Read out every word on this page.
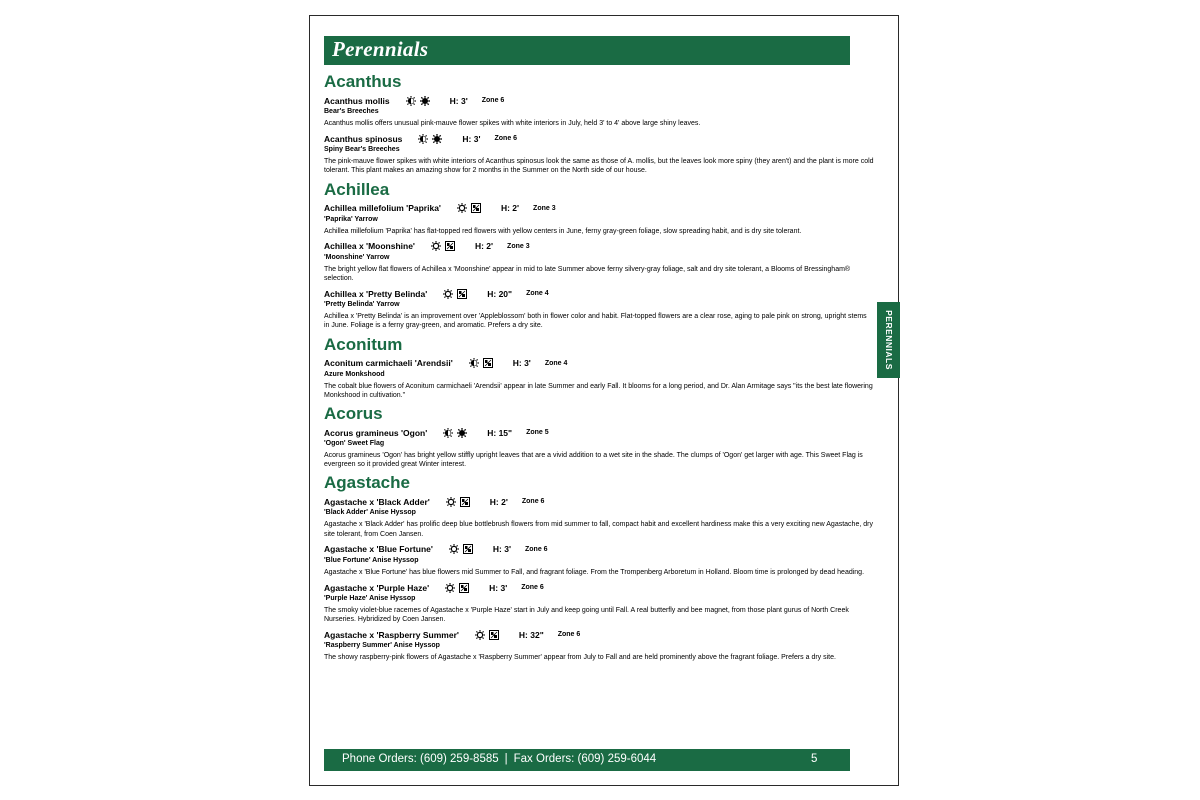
Perennials
Acanthus
Acanthus mollis	H: 3' Zone 6
Bear's Breeches
Acanthus mollis offers unusual pink-mauve flower spikes with white interiors in July, held 3' to 4' above large shiny leaves.
Acanthus spinosus	H: 3' Zone 6
Spiny Bear's Breeches
The pink-mauve flower spikes with white interiors of Acanthus spinosus look the same as those of A. mollis, but the leaves look more spiny (they aren't) and the plant is more cold tolerant. This plant makes an amazing show for 2 months in the Summer on the North side of our house.
Achillea
Achillea millefolium 'Paprika'	H: 2' Zone 3
'Paprika' Yarrow
Achillea millefolium 'Paprika' has flat-topped red flowers with yellow centers in June, ferny gray-green foliage, slow spreading habit, and is dry site tolerant.
Achillea x 'Moonshine'	H: 2' Zone 3
'Moonshine' Yarrow
The bright yellow flat flowers of Achillea x 'Moonshine' appear in mid to late Summer above ferny silvery-gray foliage, salt and dry site tolerant, a Blooms of Bressingham® selection.
Achillea x 'Pretty Belinda'	H: 20" Zone 4
'Pretty Belinda' Yarrow
Achillea x 'Pretty Belinda' is an improvement over 'Appleblossom' both in flower color and habit. Flat-topped flowers are a clear rose, aging to pale pink on strong, upright stems in June. Foliage is a ferny gray-green, and aromatic. Prefers a dry site.
Aconitum
Aconitum carmichaeli 'Arendsii'	H: 3' Zone 4
Azure Monkshood
The cobalt blue flowers of Aconitum carmichaeli 'Arendsii' appear in late Summer and early Fall. It blooms for a long period, and Dr. Alan Armitage says "its the best late flowering Monkshood in cultivation."
Acorus
Acorus gramineus 'Ogon'	H: 15" Zone 5
'Ogon' Sweet Flag
Acorus gramineus 'Ogon' has bright yellow stiffly upright leaves that are a vivid addition to a wet site in the shade. The clumps of 'Ogon' get larger with age. This Sweet Flag is evergreen so it provided great Winter interest.
Agastache
Agastache x 'Black Adder'	H: 2' Zone 6
'Black Adder' Anise Hyssop
Agastache x 'Black Adder' has prolific deep blue bottlebrush flowers from mid summer to fall, compact habit and excellent hardiness make this a very exciting new Agastache, dry site tolerant, from Coen Jansen.
Agastache x 'Blue Fortune'	H: 3' Zone 6
'Blue Fortune' Anise Hyssop
Agastache x 'Blue Fortune' has blue flowers mid Summer to Fall, and fragrant foliage. From the Trompenberg Arboretum in Holland. Bloom time is prolonged by dead heading.
Agastache x 'Purple Haze'	H: 3' Zone 6
'Purple Haze' Anise Hyssop
The smoky violet-blue racemes of Agastache x 'Purple Haze' start in July and keep going until Fall. A real butterfly and bee magnet, from those plant gurus of North Creek Nurseries. Hybridized by Coen Jansen.
Agastache x 'Raspberry Summer'	H: 32" Zone 6
'Raspberry Summer' Anise Hyssop
The showy raspberry-pink flowers of Agastache x 'Raspberry Summer' appear from July to Fall and are held prominently above the fragrant foliage. Prefers a dry site.
Phone Orders: (609) 259-8585 | Fax Orders: (609) 259-6044	5
PERENNIALS
